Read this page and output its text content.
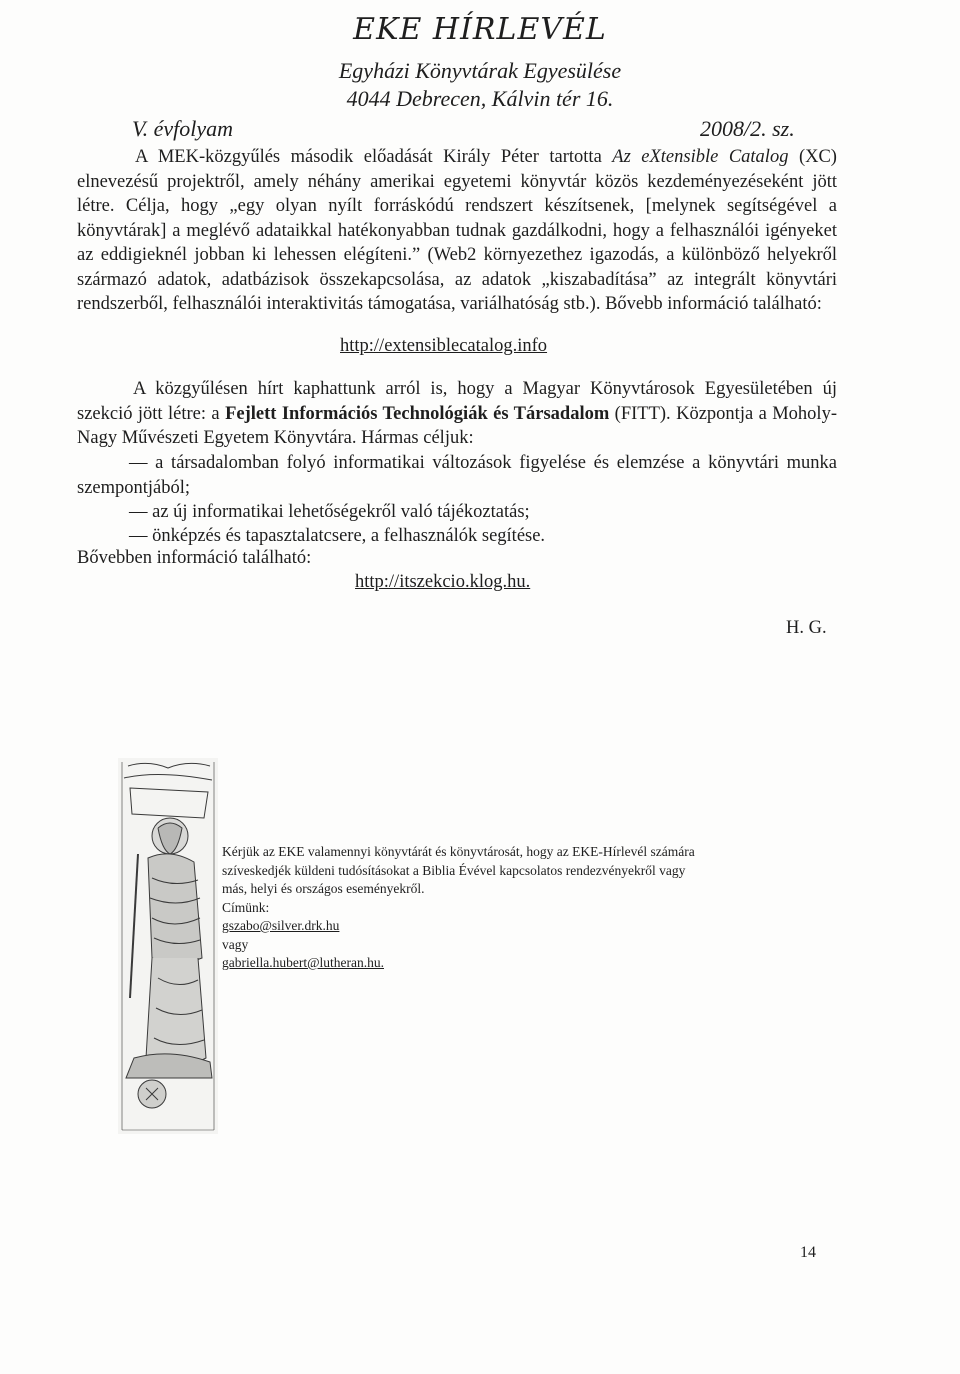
EKE HÍRLEVÉL
Egyházi Könyvtárak Egyesülése
4044 Debrecen, Kálvin tér 16.
V. évfolyam	2008/2. sz.

A MEK-közgyűlés második előadását Király Péter tartotta Az eXtensible Catalog (XC) elnevezésű projektről, amely néhány amerikai egyetemi könyvtár közös kezdeményezéseként jött létre. Célja, hogy „egy olyan nyílt forráskódú rendszert készítsenek, [melynek segítségével a könyvtárak] a meglévő adataikkal hatékonyabban tudnak gazdálkodni, hogy a felhasználói igényeket az eddigieknél jobban ki lehessen elégíteni.” (Web2 környezethez igazodás, a különböző helyekről származó adatok, adatbázisok összekapcsolása, az adatok „kiszabadítása” az integrált könyvtári rendszerből, felhasználói interaktivitás támogatása, variálhatóság stb.). Bővebb információ található:

http://extensiblecatalog.info

A közgyűlésen hírt kaphattunk arról is, hogy a Magyar Könyvtárosok Egyesületében új szekció jött létre: a Fejlett Információs Technológiák és Társadalom (FITT). Központja a Moholy-Nagy Művészeti Egyetem Könyvtára. Hármas céljuk:

— a társadalomban folyó informatikai változások figyelése és elemzése a könyvtári munka szempontjából;

— az új informatikai lehetőségekről való tájékoztatás;

— önképzés és tapasztalatcsere, a felhasználók segítése.

Bővebben információ található:
http://itszekcio.klog.hu.
H. G.
Kérjük az EKE valamennyi könyvtárát és könyvtárosát, hogy az EKE-Hírlevél számára
szíveskedjék küldeni tudósításokat a Biblia Évével kapcsolatos rendezvényekről vagy
más, helyi és országos eseményekről.
Címünk:
gszabo@silver.drk.hu
vagy
gabriella.hubert@lutheran.hu.
14
